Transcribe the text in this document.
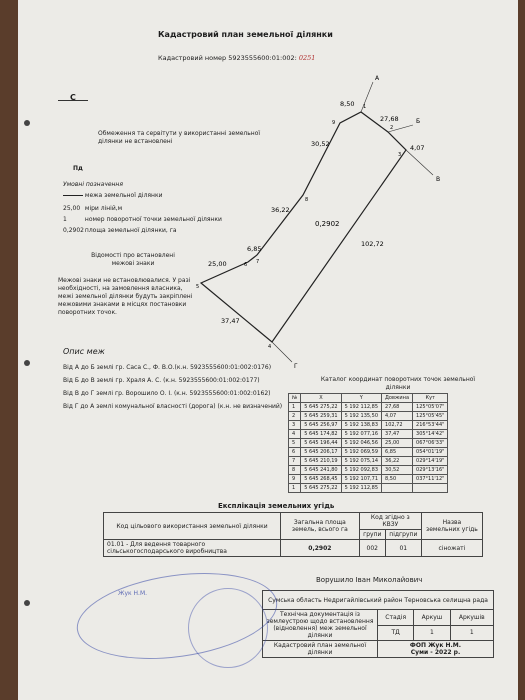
Кадастровий план земельної ділянки
Кадастровий номер 5923555600:01:002: 0251
C
Пд
Обмеження та сервітути у використанні земельної ділянки не встановлені
Умовні позначення
межа земельної ділянки
25,00 міри ліній,м
1	номер поворотної точки земельної ділянки
0,2902 площа земельної ділянки, га
Відомості про встановлені межові знаки
Межові знаки не встановлювалися. У разі необхідності, на замовлення власника, межі земельної ділянки будуть закріплені межовими знаками в місцях постановки поворотних точок.
Опис меж
Від А до Б землі гр. Саса С., Ф. В.О.(к.н. 5923555600:01:002:0176)
Від Б до В землі гр. Храля А. С. (к.н. 5923555600:01:002:0177)
Від В до Г землі гр. Ворошило О. І. (к.н. 5923555600:01:002:0162)
Від Г до А землі комунальної власності (дорога) (к.н. не визначений)
0,2902
А
Б
В
Г
8,50
27,68
4,07
30,52
36,22
102,72
6,85
25,00
37,47
1
2
3
4
5
6 7
8
9
Каталог координат поворотних точок земельної ділянки
№	X	Y	Довжина	Кут
1	5 645 275,22	5 192 112,85	27,68	125°05'07"
2	5 645 259,31	5 192 135,50	4,07	125°05'45"
3	5 645 256,97	5 192 138,83	102,72	216°53'44"
4	5 645 174,82	5 192 077,16	37,47	305°14'42"
5	5 645 196,44	5 192 046,56	25,00	067°06'33"
6	5 645 206,17	5 192 069,59	6,85	054°01'19"
7	5 645 210,19	5 192 075,14	36,22	029°14'19"
8	5 645 241,80	5 192 092,83	30,52	029°13'16"
9	5 645 268,45	5 192 107,71	8,50	037°11'12"
1	5 645 275,22	5 192 112,85		
Експлікація земельних угідь
Код цільового використання земельної ділянки	Загальна площа земель, всього га	Код згідно з КВЗУ		Назва земельних угідь
		групи	підгрупи	
01.01 - Для ведення товарного сільськогосподарського виробництва	0,2902	002	01	сіножаті
Ворушило Іван Миколайович
Сумська область Недригайлівський район Терновська селищна рада			
Технічна документація із землеустрою щодо встановлення (відновлення) меж земельної ділянки	Стадія	Аркуш	Аркушів
	ТД	1	1
Кадастровий план земельної ділянки	ФОП Жук Н.М.
Суми - 2022 р.		
Жук Н.М.
